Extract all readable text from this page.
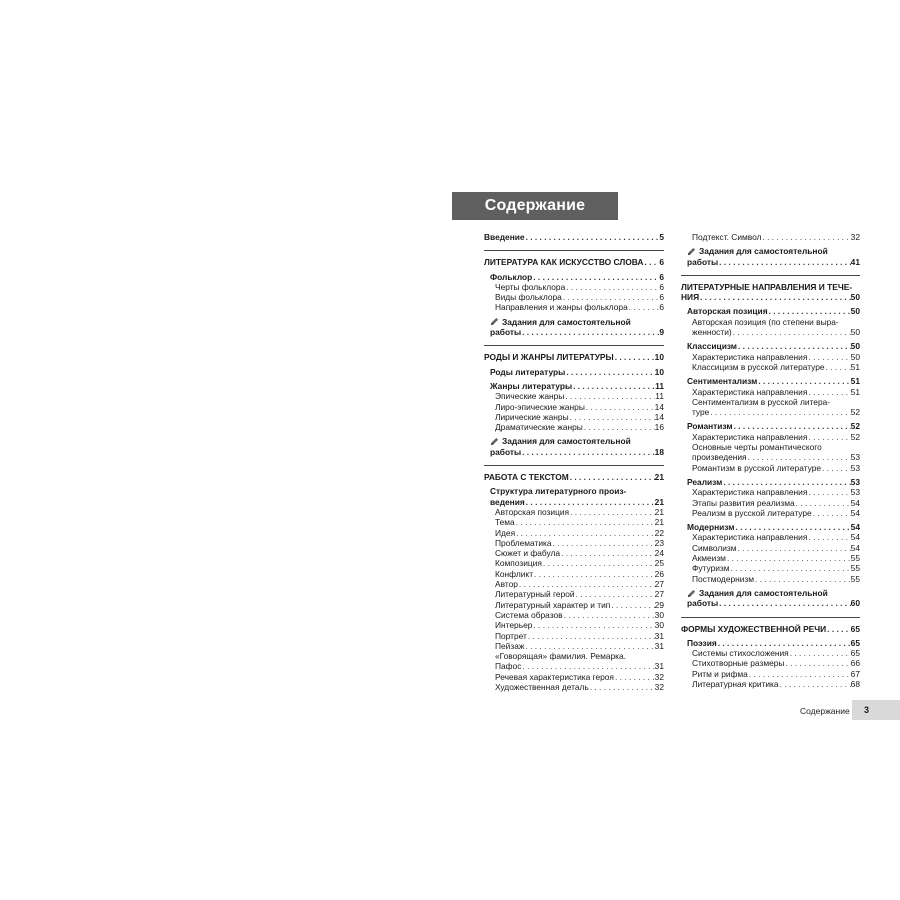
Содержание
Введение . . .	5
ЛИТЕРАТУРА КАК ИСКУССТВО СЛОВА . . . 6
Фольклор . . .	6
Черты фольклора . . .	6
Виды фольклора . . .	6
Направления и жанры фольклора . . .	6
Задания для самостоятельной
работы . . .	9
РОДЫ И ЖАНРЫ ЛИТЕРАТУРЫ . . .	10
Роды литературы . . .	10
Жанры литературы . . .	11
Эпические жанры . . .	11
Лиро-эпические жанры . . .	14
Лирические жанры . . .	14
Драматические жанры . . .	16
Задания для самостоятельной
работы . . .	18
РАБОТА С ТЕКСТОМ . . .	21
Структура литературного произ-
ведения . . .	21
Авторская позиция . . .	21
Тема . . .	21
Идея . . .	22
Проблематика . . .	23
Сюжет и фабула . . .	24
Композиция . . .	25
Конфликт . . .	26
Автор . . .	27
Литературный герой . . .	27
Литературный характер и тип . . .	29
Система образов . . .	30
Интерьер . . .	30
Портрет . . .	31
Пейзаж . . .	31
«Говорящая» фамилия. Ремарка.
Пафос . . .	31
Речевая характеристика героя . . .	32
Художественная деталь . . .	32
Подтекст. Символ . . .	32
Задания для самостоятельной
работы . . .	41
ЛИТЕРАТУРНЫЕ НАПРАВЛЕНИЯ И ТЕЧЕ-
НИЯ . . .	50
Авторская позиция . . .	50
Авторская позиция (по степени выра-
женности) . . .	50
Классицизм . . .	50
Характеристика направления . . .	50
Классицизм в русской литературе . . .	51
Сентиментализм . . .	51
Характеристика направления . . .	51
Сентиментализм в русской литера-
туре . . .	52
Романтизм . . .	52
Характеристика направления . . .	52
Основные черты романтического
произведения . . .	53
Романтизм в русской литературе . . .	53
Реализм . . .	53
Характеристика направления . . .	53
Этапы развития реализма . . .	54
Реализм в русской литературе . . .	54
Модернизм . . .	54
Характеристика направления . . .	54
Символизм . . .	54
Акмеизм . . .	55
Футуризм . . .	55
Постмодернизм . . .	55
Задания для самостоятельной
работы . . .	60
ФОРМЫ ХУДОЖЕСТВЕННОЙ РЕЧИ . . .	65
Поэзия . . .	65
Системы стихосложения . . .	65
Стихотворные размеры . . .	66
Ритм и рифма . . .	67
Литературная критика . . .	68
Содержание	3
